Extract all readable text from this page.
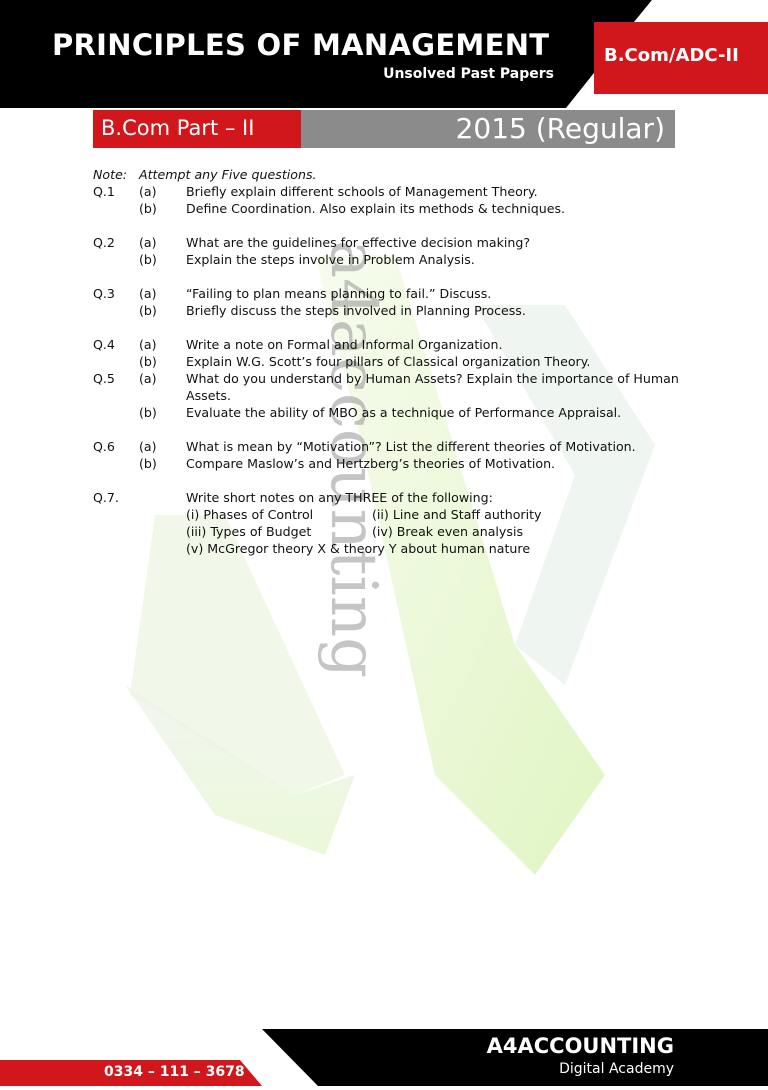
PRINCIPLES OF MANAGEMENT
Unsolved Past Papers
B.Com/ADC-II
B.Com Part – II	2015 (Regular)
a4accounting
Note: Attempt any Five questions.
Q.1	(a)	Briefly explain different schools of Management Theory.
(b)	Define Coordination. Also explain its methods & techniques.
Q.2	(a)	What are the guidelines for effective decision making?
(b)	Explain the steps involve in Problem Analysis.
Q.3	(a)	“Failing to plan means planning to fail.” Discuss.
(b)	Briefly discuss the steps involved in Planning Process.
Q.4	(a)	Write a note on Formal and Informal Organization.
(b)	Explain W.G. Scott’s four pillars of Classical organization Theory.
Q.5	(a)	What do you understand by Human Assets? Explain the importance of Human Assets.
(b)	Evaluate the ability of MBO as a technique of Performance Appraisal.
Q.6	(a)	What is mean by “Motivation”? List the different theories of Motivation.
(b)	Compare Maslow’s and Hertzberg’s theories of Motivation.
Q.7.	Write short notes on any THREE of the following:
(i) Phases of Control	(ii) Line and Staff authority
(iii) Types of Budget	(iv) Break even analysis
(v) McGregor theory X & theory Y about human nature
A4ACCOUNTING
Digital Academy
0334 – 111 – 3678
